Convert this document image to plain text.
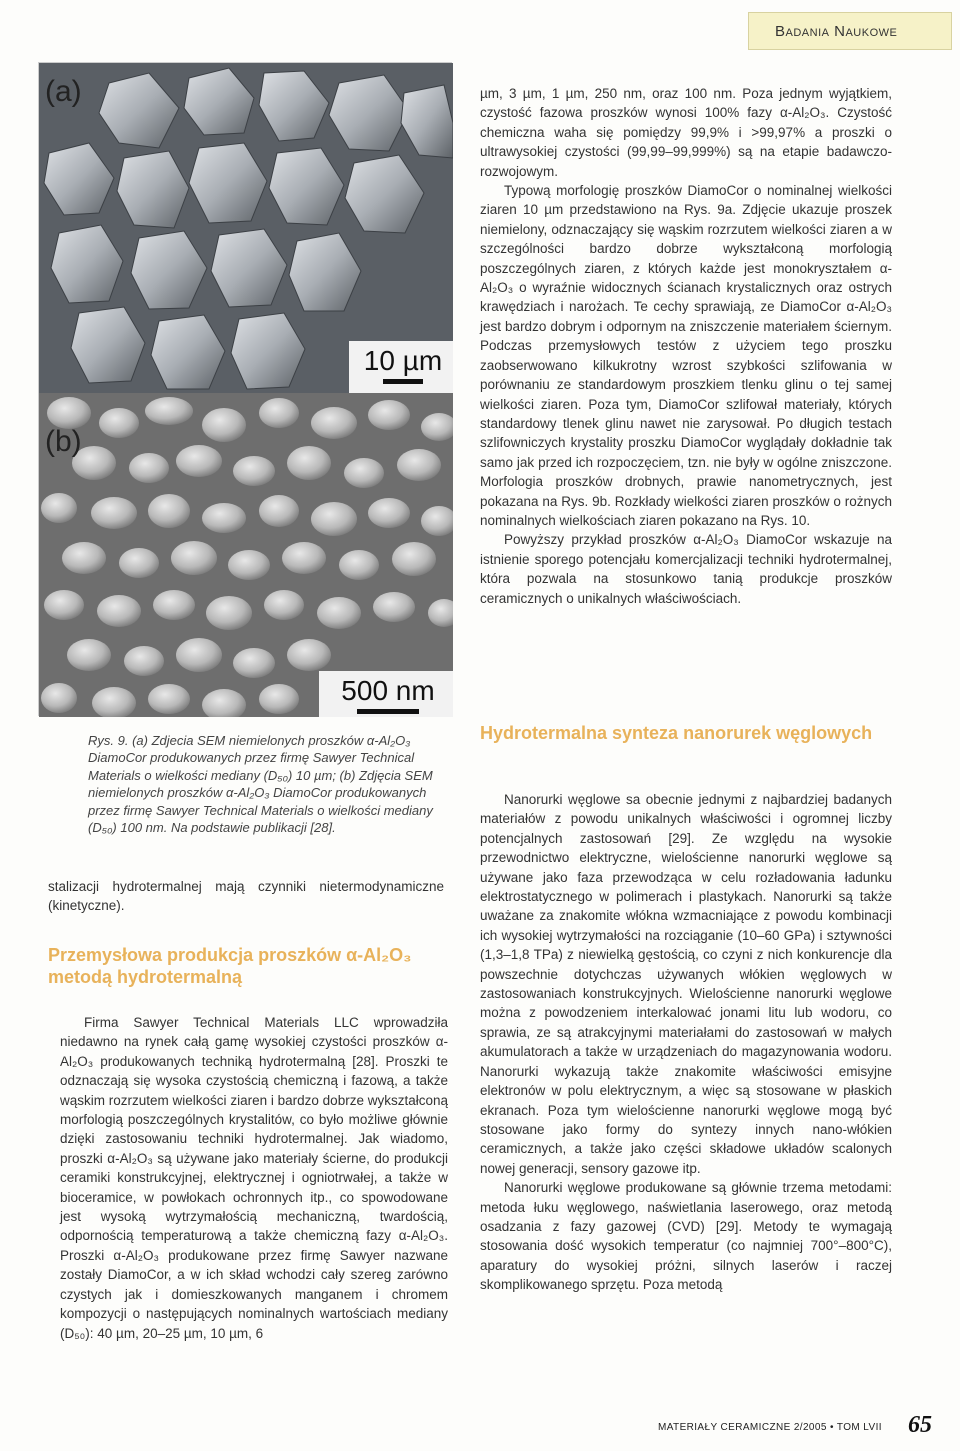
Badania Naukowe
(a)
10 µm
(b)
500 nm

Rys. 9. (a) Zdjecia SEM niemielonych proszków α-Al₂O₃ DiamoCor produkowanych przez firmę Sawyer Technical Materials o wielkości mediany (D₅₀) 10 µm; (b) Zdjęcia SEM niemielonych proszków α-Al₂O₃ DiamoCor produkowanych przez firmę Sawyer Technical Materials o wielkości mediany (D₅₀) 100 nm. Na podstawie publikacji [28].

stalizacji hydrotermalnej mają czynniki nietermodynamiczne (kinetyczne).

Przemysłowa produkcja proszków α-Al₂O₃ metodą hydrotermalną

Firma Sawyer Technical Materials LLC wprowadziła niedawno na rynek całą gamę wysokiej czystości proszków α-Al₂O₃ produkowanych techniką hydrotermalną [28]. Proszki te odznaczają się wysoka czystością chemiczną i fazową, a także wąskim rozrzutem wielkości ziaren i bardzo dobrze wykształconą morfologią poszczególnych krystalitów, co było możliwe głównie dzięki zastosowaniu techniki hydrotermalnej. Jak wiadomo, proszki α-Al₂O₃ są używane jako materiały ścierne, do produkcji ceramiki konstrukcyjnej, elektrycznej i ogniotrwałej, a także w bioceramice, w powłokach ochronnych itp., co spowodowane jest wysoką wytrzymałością mechaniczną, twardością, odpornością temperaturową a także chemiczną fazy α-Al₂O₃. Proszki α-Al₂O₃ produkowane przez firmę Sawyer nazwane zostały DiamoCor, a w ich skład wchodzi cały szereg zarówno czystych jak i domieszkowanych manganem i chromem kompozycji o następujących nominalnych wartościach mediany (D₅₀): 40 µm, 20–25 µm, 10 µm, 6

µm, 3 µm, 1 µm, 250 nm, oraz 100 nm. Poza jednym wyjątkiem, czystość fazowa proszków wynosi 100% fazy α-Al₂O₃. Czystość chemiczna waha się pomiędzy 99,9% i >99,97% a proszki o ultrawysokiej czystości (99,99–99,999%) są na etapie badawczo-rozwojowym.

Typową morfologię proszków DiamoCor o nominalnej wielkości ziaren 10 µm przedstawiono na Rys. 9a. Zdjęcie ukazuje proszek niemielony, odznaczający się wąskim rozrzutem wielkości ziaren a w szczególności bardzo dobrze wykształconą morfologią poszczególnych ziaren, z których każde jest monokryształem α-Al₂O₃ o wyraźnie widocznych ścianach krystalicznych oraz ostrych krawędziach i narożach. Te cechy sprawiają, ze DiamoCor α-Al₂O₃ jest bardzo dobrym i odpornym na zniszczenie materiałem ściernym. Podczas przemysłowych testów z użyciem tego proszku zaobserwowano kilkukrotny wzrost szybkości szlifowania w porównaniu ze standardowym proszkiem tlenku glinu o tej samej wielkości ziaren. Poza tym, DiamoCor szlifował materiały, których standardowy tlenek glinu nawet nie zarysował. Po długich testach szlifowniczych krystality proszku DiamoCor wyglądały dokładnie tak samo jak przed ich rozpoczęciem, tzn. nie były w ogólne zniszczone. Morfologia proszków drobnych, prawie nanometrycznych, jest pokazana na Rys. 9b. Rozkłady wielkości ziaren proszków o rożnych nominalnych wielkościach ziaren pokazano na Rys. 10.

Powyższy przykład proszków α-Al₂O₃ DiamoCor wskazuje na istnienie sporego potencjału komercjalizacji techniki hydrotermalnej, która pozwala na stosunkowo tanią produkcje proszków ceramicznych o unikalnych właściwościach.

Hydrotermalna synteza nanorurek węglowych

Nanorurki węglowe sa obecnie jednymi z najbardziej badanych materiałów z powodu unikalnych właściwości i ogromnej liczby potencjalnych zastosowań [29]. Ze względu na wysokie przewodnictwo elektryczne, wielościenne nanorurki węglowe są używane jako faza przewodząca w celu rozładowania ładunku elektrostatycznego w polimerach i plastykach. Nanorurki są także uważane za znakomite włókna wzmacniające z powodu kombinacji ich wysokiej wytrzymałości na rozciąganie (10–60 GPa) i sztywności (1,3–1,8 TPa) z niewielką gęstością, co czyni z nich konkurencje dla powszechnie dotychczas używanych włókien węglowych w zastosowaniach konstrukcyjnych. Wielościenne nanorurki węglowe można z powodzeniem interkalować jonami litu lub wodoru, co sprawia, ze są atrakcyjnymi materiałami do zastosowań w małych akumulatorach a także w urządzeniach do magazynowania wodoru. Nanorurki wykazują także znakomite właściwości emisyjne elektronów w polu elektrycznym, a więc są stosowane w płaskich ekranach. Poza tym wielościenne nanorurki węglowe mogą być stosowane jako formy do syntezy innych nano-włókien ceramicznych, a także jako części składowe układów scalonych nowej generacji, sensory gazowe itp.

Nanorurki węglowe produkowane są głównie trzema metodami: metoda łuku węglowego, naświetlania laserowego, oraz metodą osadzania z fazy gazowej (CVD) [29]. Metody te wymagają stosowania dość wysokich temperatur (co najmniej 700°–800°C), aparatury do wysokiej próżni, silnych laserów i raczej skomplikowanego sprzętu. Poza metodą

MATERIAŁY CERAMICZNE 2/2005 • TOM LVII 65
